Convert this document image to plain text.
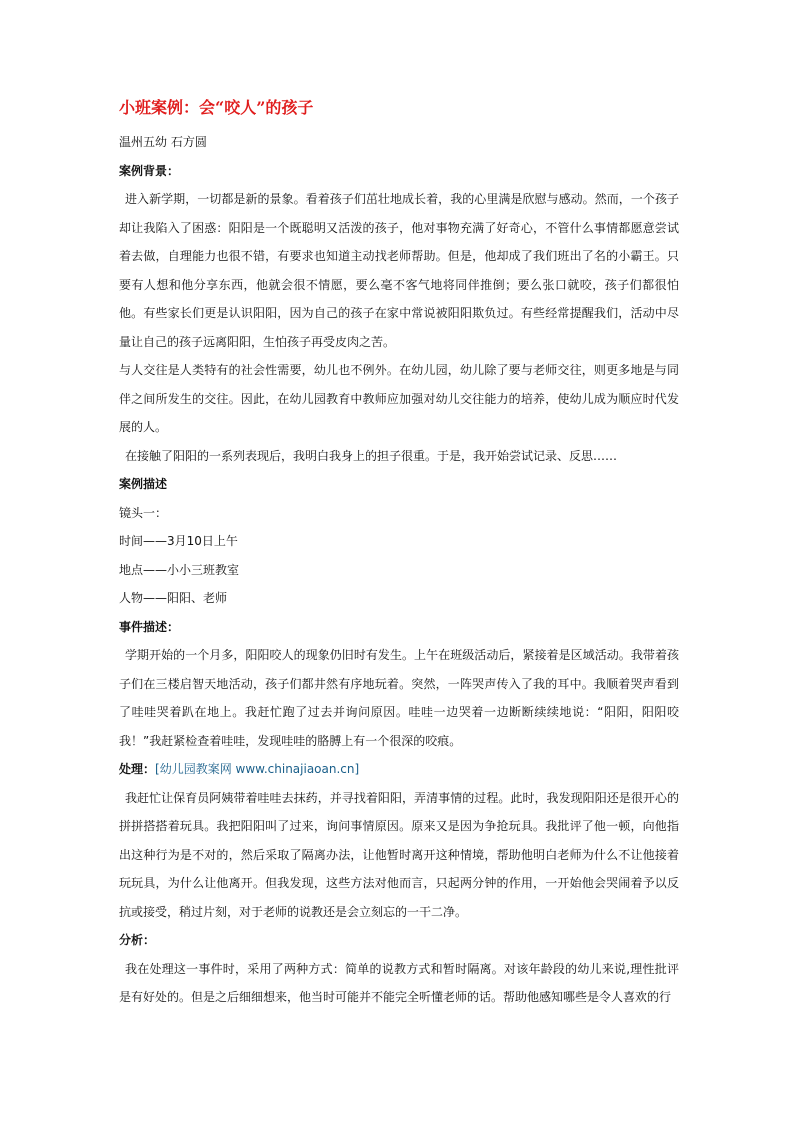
小班案例：会“咬人”的孩子

温州五幼 石方圆

案例背景：

进入新学期，一切都是新的景象。看着孩子们茁壮地成长着，我的心里满是欣慰与感动。然而，一个孩子却让我陷入了困惑：阳阳是一个既聪明又活泼的孩子，他对事物充满了好奇心，不管什么事情都愿意尝试着去做，自理能力也很不错，有要求也知道主动找老师帮助。但是，他却成了我们班出了名的小霸王。只要有人想和他分享东西，他就会很不情愿，要么毫不客气地将同伴推倒；要么张口就咬，孩子们都很怕他。有些家长们更是认识阳阳，因为自己的孩子在家中常说被阳阳欺负过。有些经常提醒我们，活动中尽量让自己的孩子远离阳阳，生怕孩子再受皮肉之苦。

与人交往是人类特有的社会性需要，幼儿也不例外。在幼儿园，幼儿除了要与老师交往，则更多地是与同伴之间所发生的交往。因此，在幼儿园教育中教师应加强对幼儿交往能力的培养，使幼儿成为顺应时代发展的人。

在接触了阳阳的一系列表现后，我明白我身上的担子很重。于是，我开始尝试记录、反思……

案例描述

镜头一：

时间——3月10日上午

地点——小小三班教室

人物——阳阳、老师

事件描述：

学期开始的一个月多，阳阳咬人的现象仍旧时有发生。上午在班级活动后，紧接着是区域活动。我带着孩子们在三楼启智天地活动，孩子们都井然有序地玩着。突然，一阵哭声传入了我的耳中。我顺着哭声看到了哇哇哭着趴在地上。我赶忙跑了过去并询问原因。哇哇一边哭着一边断断续续地说：“阳阳，阳阳咬我！”我赶紧检查着哇哇，发现哇哇的胳膊上有一个很深的咬痕。

处理：[幼儿园教案网 www.chinajiaoan.cn]

我赶忙让保育员阿姨带着哇哇去抹药，并寻找着阳阳，弄清事情的过程。此时，我发现阳阳还是很开心的拼拼搭搭着玩具。我把阳阳叫了过来，询问事情原因。原来又是因为争抢玩具。我批评了他一顿，向他指出这种行为是不对的，然后采取了隔离办法，让他暂时离开这种情境，帮助他明白老师为什么不让他接着玩玩具，为什么让他离开。但我发现，这些方法对他而言，只起两分钟的作用，一开始他会哭闹着予以反抗或接受，稍过片刻，对于老师的说教还是会立刻忘的一干二净。

分析：

我在处理这一事件时，采用了两种方式：简单的说教方式和暂时隔离。对该年龄段的幼儿来说,理性批评是有好处的。但是之后细细想来，他当时可能并不能完全听懂老师的话。帮助他感知哪些是令人喜欢的行
